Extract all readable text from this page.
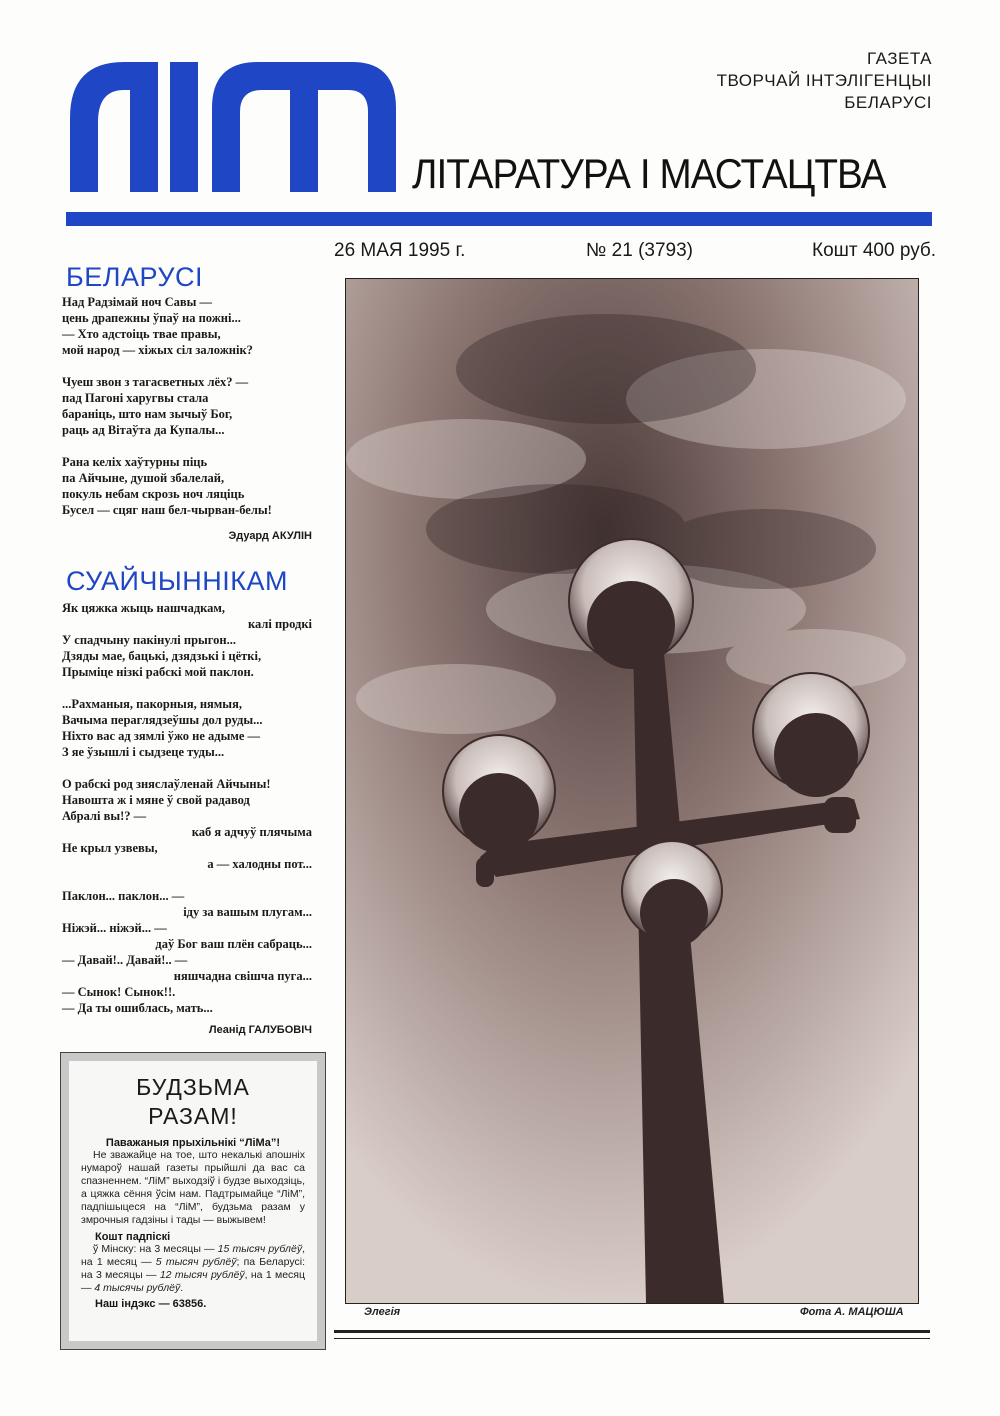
ГАЗЕТА
ТВОРЧАЙ ІНТЭЛІГЕНЦЫІ
БЕЛАРУСІ
ЛІТАРАТУРА І МАСТАЦТВА
26 МАЯ 1995 г.	№ 21 (3793)	Кошт 400 руб.
БЕЛАРУСІ
Над Радзімай ноч Савы —
цень драпежны ўпаў на пожні...
— Хто адстоіць твае правы,
мой народ — хіжых сіл заложнік?
Чуеш звон з тагасветных лёх? —
пад Пагоні харугвы стала
бараніць, што нам зычыў Бог,
раць ад Вітаўта да Купалы...
Рана келіх хаўтурны піць
па Айчыне, душой збалелай,
покуль небам скрозь ноч ляціць
Бусел — сцяг наш бел-чырван-белы!
Эдуард АКУЛІН
СУАЙЧЫННІКАМ
Як цяжка жыць нашчадкам,
калі продкі
У спадчыну пакінулі прыгон...
Дзяды мае, бацькі, дзядзькі і цёткі,
Прыміце нізкі рабскі мой паклон.
...Рахманыя, пакорныя, нямыя,
Вачыма пераглядзеўшы дол руды...
Ніхто вас ад зямлі ўжо не адыме —
З яе ўзышлі і сыдзеце туды...
О рабскі род зняслаўленай Айчыны!
Навошта ж і мяне ў свой радавод
Абралі вы!? —
каб я адчуў плячыма
Не крыл узвевы,
а — халодны пот...
Паклон... паклон... —
іду за вашым плугам...
Ніжэй... ніжэй... —
даў Бог ваш плён сабраць...
— Давай!.. Давай!.. —
няшчадна свішча пуга...
— Сынок! Сынок!!.
— Да ты ошиблась, мать...
Леанід ГАЛУБОВІЧ
БУДЗЬМА
РАЗАМ!
Паважаныя прыхільнікі “ЛіМа”!

Не зважайце на тое, што некалькі апошніх нумароў нашай газеты прыйшлі да вас са спазненнем. “ЛіМ” выходзіў і будзе выходзіць, а цяжка сёння ўсім нам. Падтрымайце “ЛіМ”, падпішыцеся на “ЛіМ”, будзьма разам у змрочныя гадзіны і тады — выжывем!

Кошт падпіскі

ў Мінску: на 3 месяцы — 15 тысяч рублёў, на 1 месяц — 5 тысяч рублёў; па Беларусі: на 3 месяцы — 12 тысяч рублёў, на 1 месяц — 4 тысячы рублёў.

Наш індэкс — 63856.
Элегія	Фота А. МАЦЮША
